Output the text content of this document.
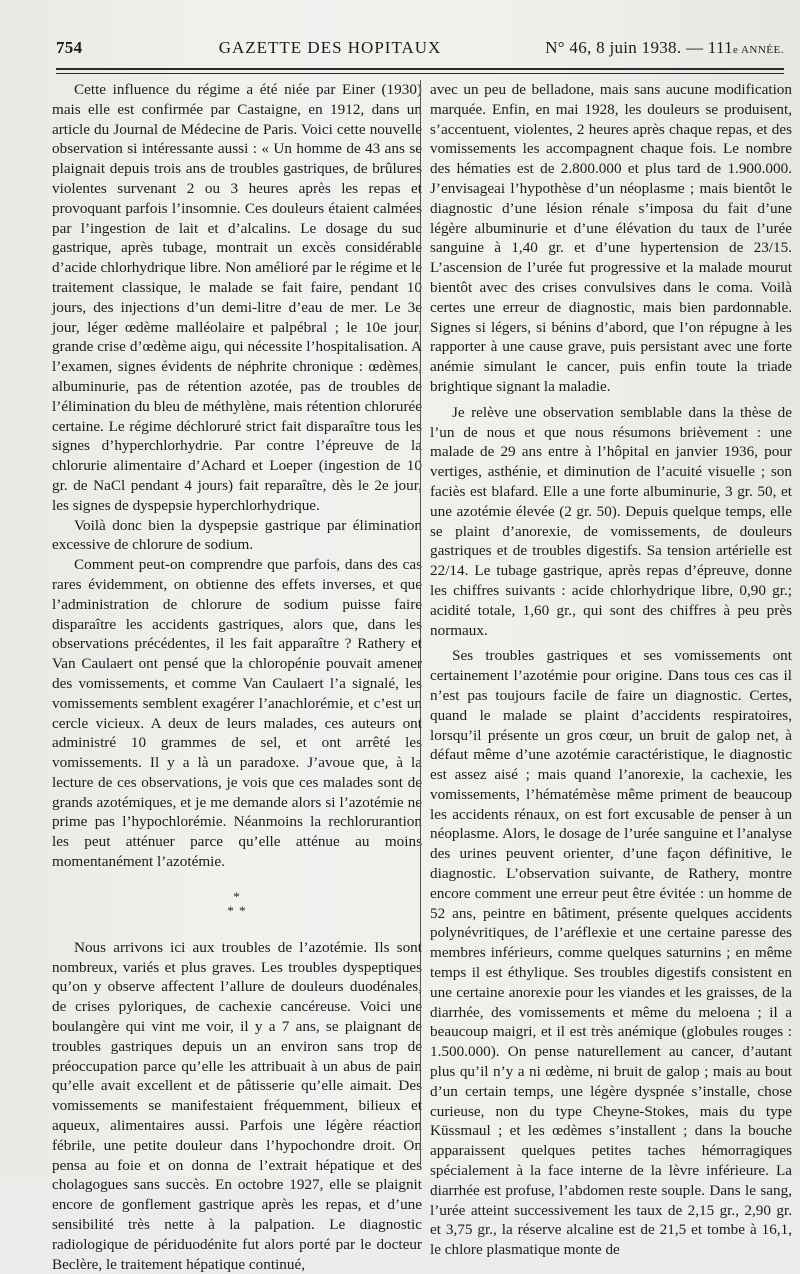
754	GAZETTE DES HOPITAUX	N° 46, 8 juin 1938. — 111e ANNÉE.

Cette influence du régime a été niée par Einer (1930) mais elle est confirmée par Castaigne, en 1912, dans un article du Journal de Médecine de Paris. Voici cette nouvelle observation si intéressante aussi : « Un homme de 43 ans se plaignait depuis trois ans de troubles gastriques, de brûlures violentes survenant 2 ou 3 heures après les repas et provoquant parfois l’insomnie. Ces douleurs étaient calmées par l’ingestion de lait et d’alcalins. Le dosage du suc gastrique, après tubage, montrait un excès considérable d’acide chlorhydrique libre. Non amélioré par le régime et le traitement classique, le malade se fait faire, pendant 10 jours, des injections d’un demi-litre d’eau de mer. Le 3e jour, léger œdème malléolaire et palpébral ; le 10e jour, grande crise d’œdème aigu, qui nécessite l’hospitalisation. A l’examen, signes évidents de néphrite chronique : œdèmes, albuminurie, pas de rétention azotée, pas de troubles de l’élimination du bleu de méthylène, mais rétention chlorurée certaine. Le régime déchloruré strict fait disparaître tous les signes d’hyperchlorhydrie. Par contre l’épreuve de la chlorurie alimentaire d’Achard et Loeper (ingestion de 10 gr. de NaCl pendant 4 jours) fait reparaître, dès le 2e jour, les signes de dyspepsie hyperchlorhydrique.

Voilà donc bien la dyspepsie gastrique par élimination excessive de chlorure de sodium.

Comment peut-on comprendre que parfois, dans des cas rares évidemment, on obtienne des effets inverses, et que l’administration de chlorure de sodium puisse faire disparaître les accidents gastriques, alors que, dans les observations précédentes, il les fait apparaître ? Rathery et Van Caulaert ont pensé que la chloropénie pouvait amener des vomissements, et comme Van Caulaert l’a signalé, les vomissements semblent exagérer l’anachlorémie, et c’est un cercle vicieux. A deux de leurs malades, ces auteurs ont administré 10 grammes de sel, et ont arrêté les vomissements. Il y a là un paradoxe. J’avoue que, à la lecture de ces observations, je vois que ces malades sont de grands azotémiques, et je me demande alors si l’azotémie ne prime pas l’hypochlorémie. Néanmoins la rechlorurantion les peut atténuer parce qu’elle atténue au moins momentanément l’azotémie.

*
* *

Nous arrivons ici aux troubles de l’azotémie. Ils sont nombreux, variés et plus graves. Les troubles dyspeptiques qu’on y observe affectent l’allure de douleurs duodénales, de crises pyloriques, de cachexie cancéreuse. Voici une boulangère qui vint me voir, il y a 7 ans, se plaignant de troubles gastriques depuis un an environ sans trop de préoccupation parce qu’elle les attribuait à un abus de pain qu’elle avait excellent et de pâtisserie qu’elle aimait. Des vomissements se manifestaient fréquemment, bilieux et aqueux, alimentaires aussi. Parfois une légère réaction fébrile, une petite douleur dans l’hypochondre droit. On pensa au foie et on donna de l’extrait hépatique et des cholagogues sans succès. En octobre 1927, elle se plaignit encore de gonflement gastrique après les repas, et d’une sensibilité très nette à la palpation. Le diagnostic radiologique de périduodénite fut alors porté par le docteur Beclère, le traitement hépatique continué,

avec un peu de belladone, mais sans aucune modification marquée. Enfin, en mai 1928, les douleurs se produisent, s’accentuent, violentes, 2 heures après chaque repas, et des vomissements les accompagnent chaque fois. Le nombre des hématies est de 2.800.000 et plus tard de 1.900.000. J’envisageai l’hypothèse d’un néoplasme ; mais bientôt le diagnostic d’une lésion rénale s’imposa du fait d’une légère albuminurie et d’une élévation du taux de l’urée sanguine à 1,40 gr. et d’une hypertension de 23/15. L’ascension de l’urée fut progressive et la malade mourut bientôt avec des crises convulsives dans le coma. Voilà certes une erreur de diagnostic, mais bien pardonnable. Signes si légers, si bénins d’abord, que l’on répugne à les rapporter à une cause grave, puis persistant avec une forte anémie simulant le cancer, puis enfin toute la triade brightique signant la maladie.

Je relève une observation semblable dans la thèse de l’un de nous et que nous résumons brièvement : une malade de 29 ans entre à l’hôpital en janvier 1936, pour vertiges, asthénie, et diminution de l’acuité visuelle ; son faciès est blafard. Elle a une forte albuminurie, 3 gr. 50, et une azotémie élevée (2 gr. 50). Depuis quelque temps, elle se plaint d’anorexie, de vomissements, de douleurs gastriques et de troubles digestifs. Sa tension artérielle est 22/14. Le tubage gastrique, après repas d’épreuve, donne les chiffres suivants : acide chlorhydrique libre, 0,90 gr.; acidité totale, 1,60 gr., qui sont des chiffres à peu près normaux.

Ses troubles gastriques et ses vomissements ont certainement l’azotémie pour origine. Dans tous ces cas il n’est pas toujours facile de faire un diagnostic. Certes, quand le malade se plaint d’accidents respiratoires, lorsqu’il présente un gros cœur, un bruit de galop net, à défaut même d’une azotémie caractéristique, le diagnostic est assez aisé ; mais quand l’anorexie, la cachexie, les vomissements, l’hématémèse même priment de beaucoup les accidents rénaux, on est fort excusable de penser à un néoplasme. Alors, le dosage de l’urée sanguine et l’analyse des urines peuvent orienter, d’une façon définitive, le diagnostic. L’observation suivante, de Rathery, montre encore comment une erreur peut être évitée : un homme de 52 ans, peintre en bâtiment, présente quelques accidents polynévritiques, de l’aréflexie et une certaine paresse des membres inférieurs, comme quelques saturnins ; en même temps il est éthylique. Ses troubles digestifs consistent en une certaine anorexie pour les viandes et les graisses, de la diarrhée, des vomissements et même du meloena ; il a beaucoup maigri, et il est très anémique (globules rouges : 1.500.000). On pense naturellement au cancer, d’autant plus qu’il n’y a ni œdème, ni bruit de galop ; mais au bout d’un certain temps, une légère dyspnée s’installe, chose curieuse, non du type Cheyne-Stokes, mais du type Küssmaul ; et les œdèmes s’installent ; dans la bouche apparaissent quelques petites taches hémorragiques spécialement à la face interne de la lèvre inférieure. La diarrhée est profuse, l’abdomen reste souple. Dans le sang, l’urée atteint successivement les taux de 2,15 gr., 2,90 gr. et 3,75 gr., la réserve alcaline est de 21,5 et tombe à 16,1, le chlore plasmatique monte de
